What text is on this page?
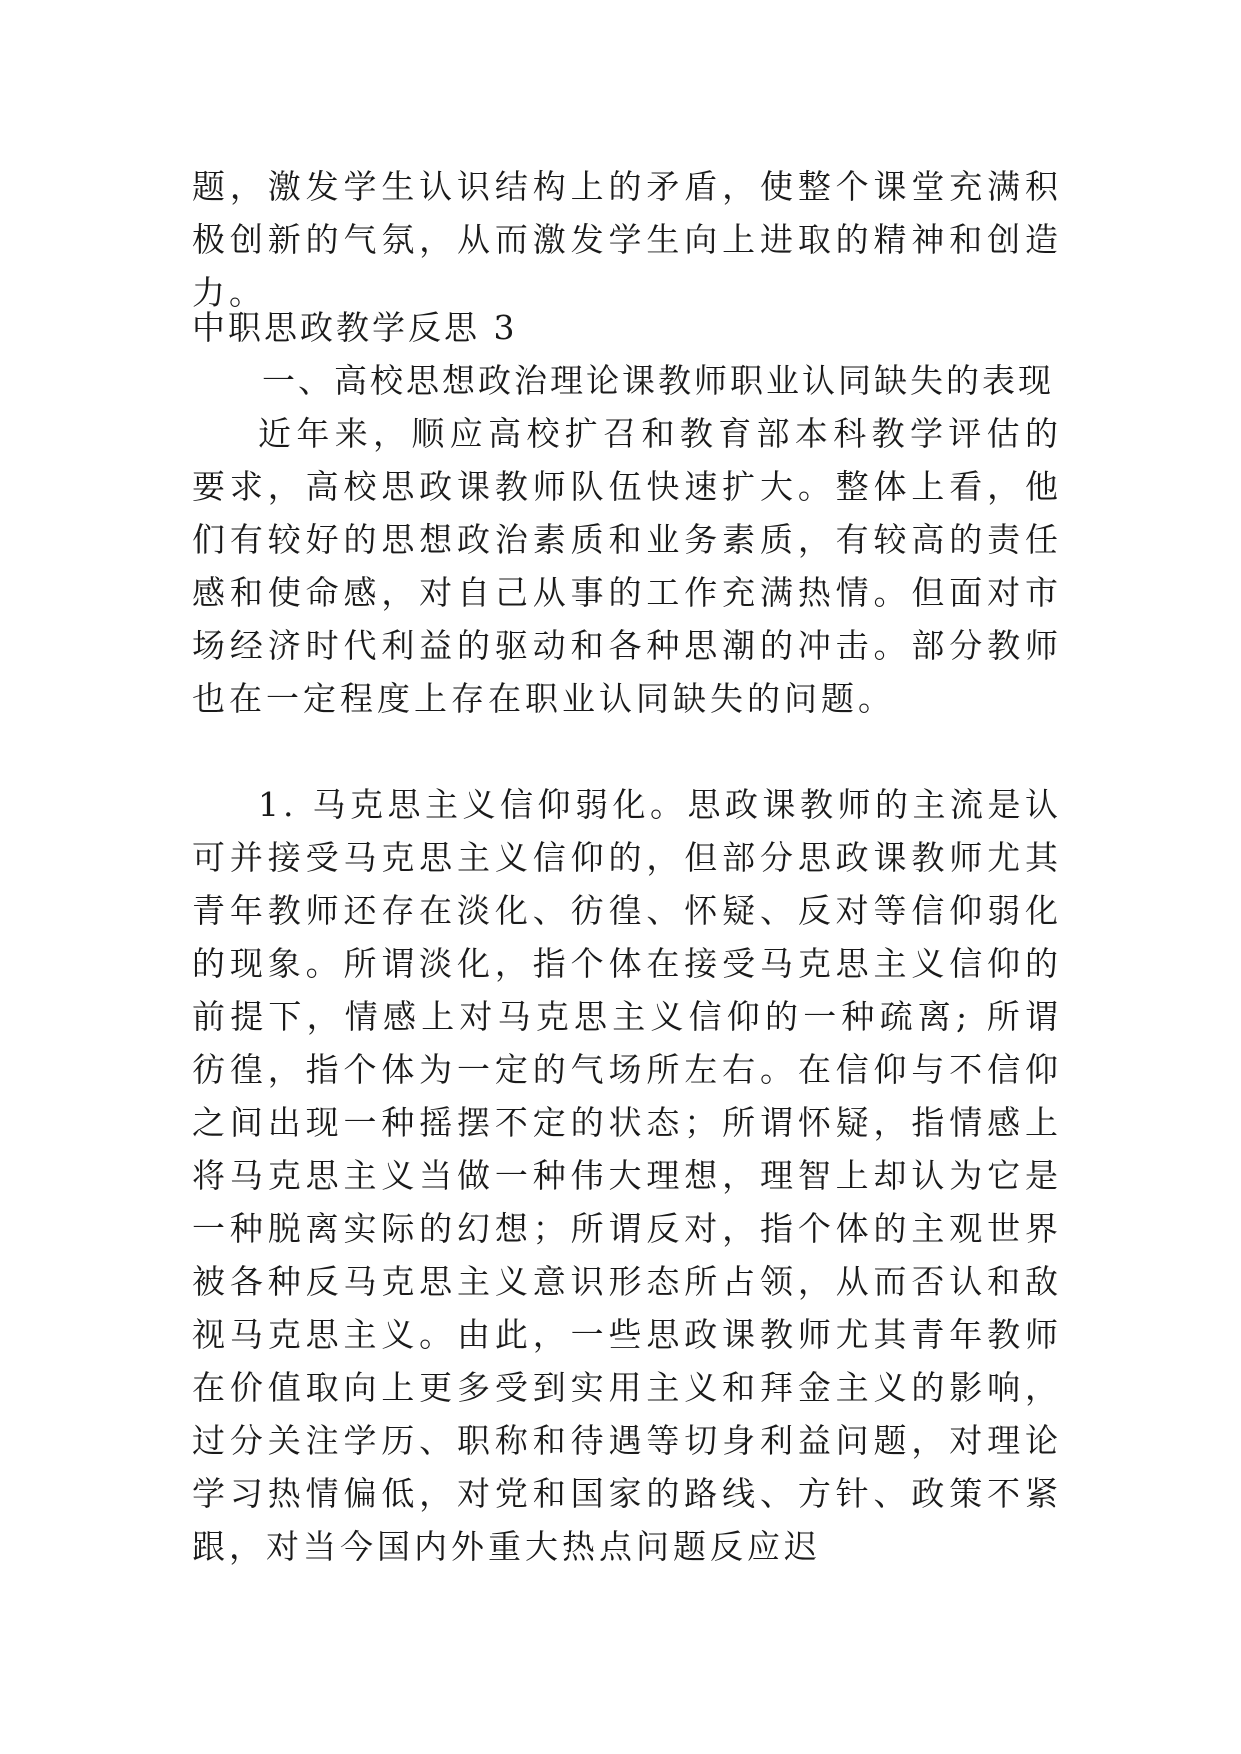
题，激发学生认识结构上的矛盾，使整个课堂充满积极创新的气氛，从而激发学生向上进取的精神和创造力。

中职思政教学反思 3

一、高校思想政治理论课教师职业认同缺失的表现

近年来，顺应高校扩召和教育部本科教学评估的要求，高校思政课教师队伍快速扩大。整体上看，他们有较好的思想政治素质和业务素质，有较高的责任感和使命感，对自己从事的工作充满热情。但面对市场经济时代利益的驱动和各种思潮的冲击。部分教师也在一定程度上存在职业认同缺失的问题。

1. 马克思主义信仰弱化。思政课教师的主流是认可并接受马克思主义信仰的，但部分思政课教师尤其青年教师还存在淡化、彷徨、怀疑、反对等信仰弱化的现象。所谓淡化，指个体在接受马克思主义信仰的前提下，情感上对马克思主义信仰的一种疏离; 所谓彷徨，指个体为一定的气场所左右。在信仰与不信仰之间出现一种摇摆不定的状态；所谓怀疑，指情感上将马克思主义当做一种伟大理想，理智上却认为它是一种脱离实际的幻想；所谓反对，指个体的主观世界被各种反马克思主义意识形态所占领，从而否认和敌视马克思主义。由此，一些思政课教师尤其青年教师在价值取向上更多受到实用主义和拜金主义的影响，过分关注学历、职称和待遇等切身利益问题，对理论学习热情偏低，对党和国家的路线、方针、政策不紧跟，对当今国内外重大热点问题反应迟
